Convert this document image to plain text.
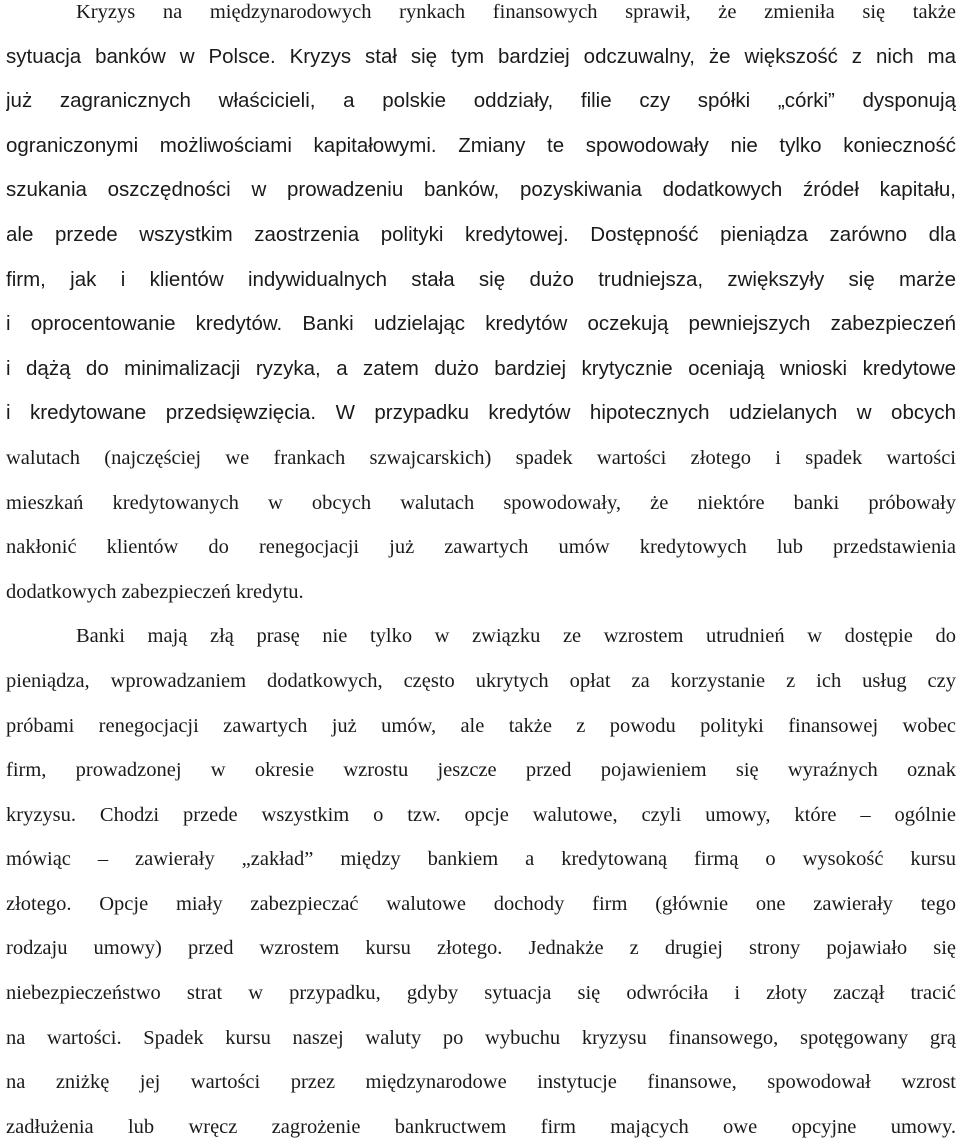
Kryzys na międzynarodowych rynkach finansowych sprawił, że zmieniła się także
sytuacja banków w Polsce. Kryzys stał się tym bardziej odczuwalny, że większość z nich ma
już zagranicznych właścicieli, a polskie oddziały, filie czy spółki „córki” dysponują
ograniczonymi możliwościami kapitałowymi. Zmiany te spowodowały nie tylko konieczność
szukania oszczędności w prowadzeniu banków, pozyskiwania dodatkowych źródeł kapitału,
ale przede wszystkim zaostrzenia polityki kredytowej. Dostępność pieniądza zarówno dla
firm, jak i klientów indywidualnych stała się dużo trudniejsza, zwiększyły się marże
i oprocentowanie kredytów. Banki udzielając kredytów oczekują pewniejszych zabezpieczeń
i dążą do minimalizacji ryzyka, a zatem dużo bardziej krytycznie oceniają wnioski kredytowe
i kredytowane przedsięwzięcia. W przypadku kredytów hipotecznych udzielanych w obcych
walutach (najczęściej we frankach szwajcarskich) spadek wartości złotego i spadek wartości
mieszkań kredytowanych w obcych walutach spowodowały, że niektóre banki próbowały
nakłonić klientów do renegocjacji już zawartych umów kredytowych lub przedstawienia
dodatkowych zabezpieczeń kredytu.
Banki mają złą prasę nie tylko w związku ze wzrostem utrudnień w dostępie do
pieniądza, wprowadzaniem dodatkowych, często ukrytych opłat za korzystanie z ich usług czy
próbami renegocjacji zawartych już umów, ale także z powodu polityki finansowej wobec
firm, prowadzonej w okresie wzrostu jeszcze przed pojawieniem się wyraźnych oznak
kryzysu. Chodzi przede wszystkim o tzw. opcje walutowe, czyli umowy, które – ogólnie
mówiąc – zawierały „zakład” między bankiem a kredytowaną firmą o wysokość kursu
złotego. Opcje miały zabezpieczać walutowe dochody firm (głównie one zawierały tego
rodzaju umowy) przed wzrostem kursu złotego. Jednakże z drugiej strony pojawiało się
niebezpieczeństwo strat w przypadku, gdyby sytuacja się odwróciła i złoty zaczął tracić
na wartości. Spadek kursu naszej waluty po wybuchu kryzysu finansowego, spotęgowany grą
na zniżkę jej wartości przez międzynarodowe instytucje finansowe, spowodował wzrost
zadłużenia lub wręcz zagrożenie bankructwem firm mających owe opcyjne umowy.
